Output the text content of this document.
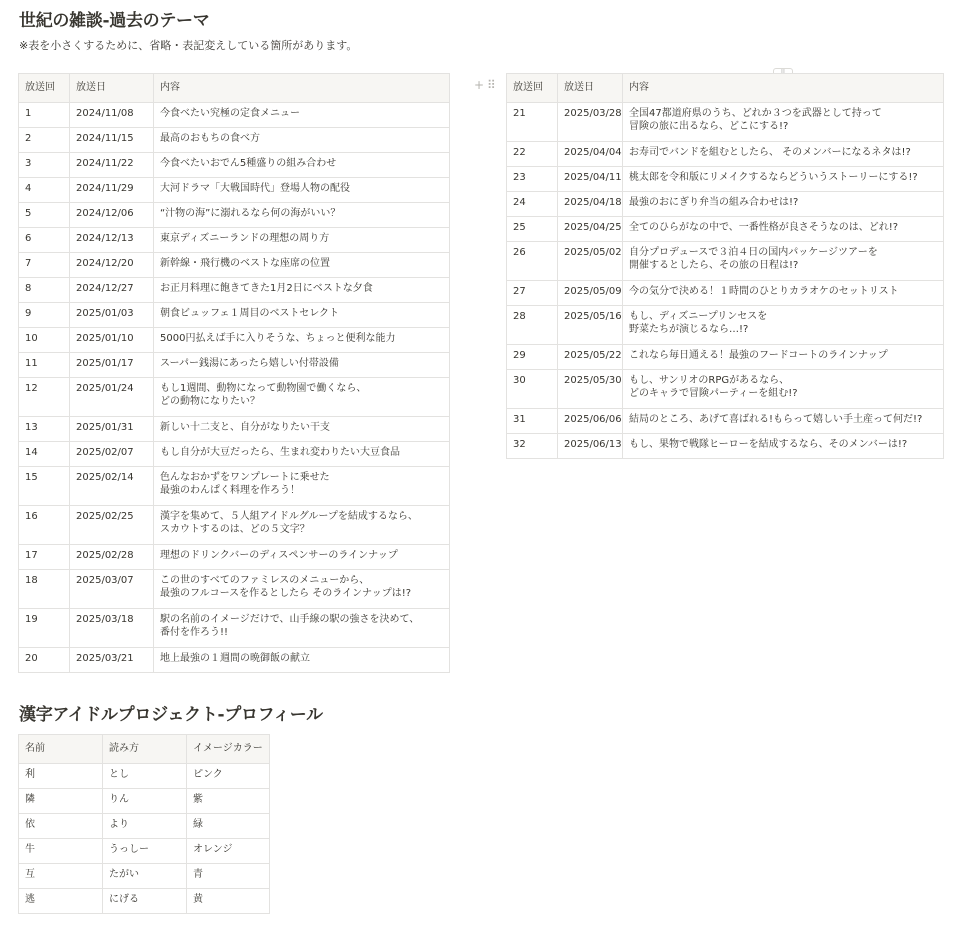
世紀の雑談-過去のテーマ
※表を小さくするために、省略・表記変えしている箇所があります。
放送回	放送日	内容
1	2024/11/08	今食べたい究極の定食メニュー
2	2024/11/15	最高のおもちの食べ方
3	2024/11/22	今食べたいおでん5種盛りの組み合わせ
4	2024/11/29	大河ドラマ「大戦国時代」登場人物の配役
5	2024/12/06	“汁物の海”に溺れるなら何の海がいい？
6	2024/12/13	東京ディズニーランドの理想の周り方
7	2024/12/20	新幹線・飛行機のベストな座席の位置
8	2024/12/27	お正月料理に飽きてきた1月2日にベストな夕食
9	2025/01/03	朝食ビュッフェ１周目のベストセレクト
10	2025/01/10	5000円払えば手に入りそうな、ちょっと便利な能力
11	2025/01/17	スーパー銭湯にあったら嬉しい付帯設備
12	2025/01/24	もし1週間、動物になって動物園で働くなら、
どの動物になりたい？
13	2025/01/31	新しい十二支と、自分がなりたい干支
14	2025/02/07	もし自分が大豆だったら、生まれ変わりたい大豆食品
15	2025/02/14	色んなおかずをワンプレートに乗せた
最強のわんぱく料理を作ろう！
16	2025/02/25	漢字を集めて、５人組アイドルグループを結成するなら、
スカウトするのは、どの５文字？
17	2025/02/28	理想のドリンクバーのディスペンサーのラインナップ
18	2025/03/07	この世のすべてのファミレスのメニューから、
最強のフルコースを作るとしたら そのラインナップは!?
19	2025/03/18	駅の名前のイメージだけで、山手線の駅の強さを決めて、
番付を作ろう!!
20	2025/03/21	地上最強の１週間の晩御飯の献立
+ ⠿ 放送回	放送日	内容
21	2025/03/28	全国47都道府県のうち、どれか３つを武器として持って
冒険の旅に出るなら、どこにする!?
22	2025/04/04	お寿司でバンドを組むとしたら、 そのメンバーになるネタは!?
23	2025/04/11	桃太郎を令和版にリメイクするならどういうストーリーにする!?
24	2025/04/18	最強のおにぎり弁当の組み合わせは!?
25	2025/04/25	全てのひらがなの中で、一番性格が良さそうなのは、どれ!?
26	2025/05/02	自分プロデュースで３泊４日の国内パッケージツアーを
開催するとしたら、その旅の日程は!?
27	2025/05/09	今の気分で決める！１時間のひとりカラオケのセットリスト
28	2025/05/16	もし、ディズニープリンセスを
野菜たちが演じるなら…!?
29	2025/05/22	これなら毎日通える！最強のフードコートのラインナップ
30	2025/05/30	もし、サンリオのRPGがあるなら、
どのキャラで冒険パーティーを組む!?
31	2025/06/06	結局のところ、あげて喜ばれる!もらって嬉しい手土産って何だ!?
32	2025/06/13	もし、果物で戦隊ヒーローを結成するなら、そのメンバーは!?
漢字アイドルプロジェクト-プロフィール
名前	読み方	イメージカラー
利	とし	ピンク
隣	りん	紫
依	より	緑
牛	うっしー	オレンジ
互	たがい	青
逃	にげる	黄
